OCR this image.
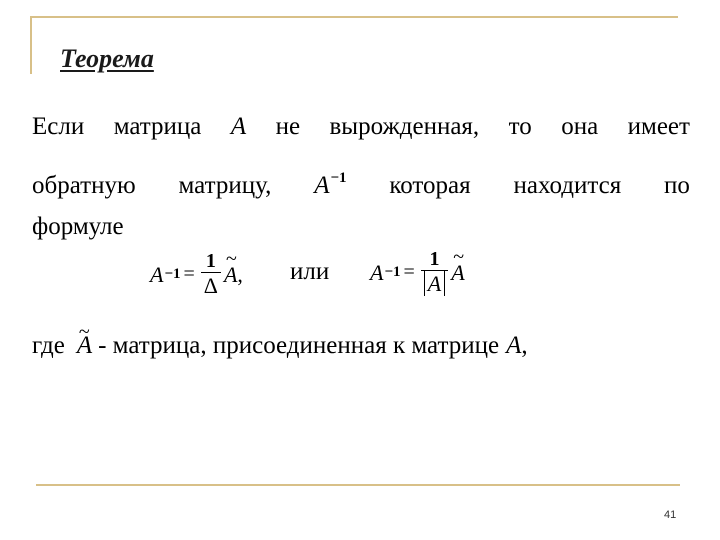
Теорема
Если матрица A не вырожденная, то она имеет
обратную матрицу, $A^{-1}$ которая находится по
формуле
$A -1 = \frac{1}{\Delta}$ ~ A , или $A -1 = \frac{1}{A}$ ~ A
где ~ A - матрица, присоединенная к матрице A ,
41
